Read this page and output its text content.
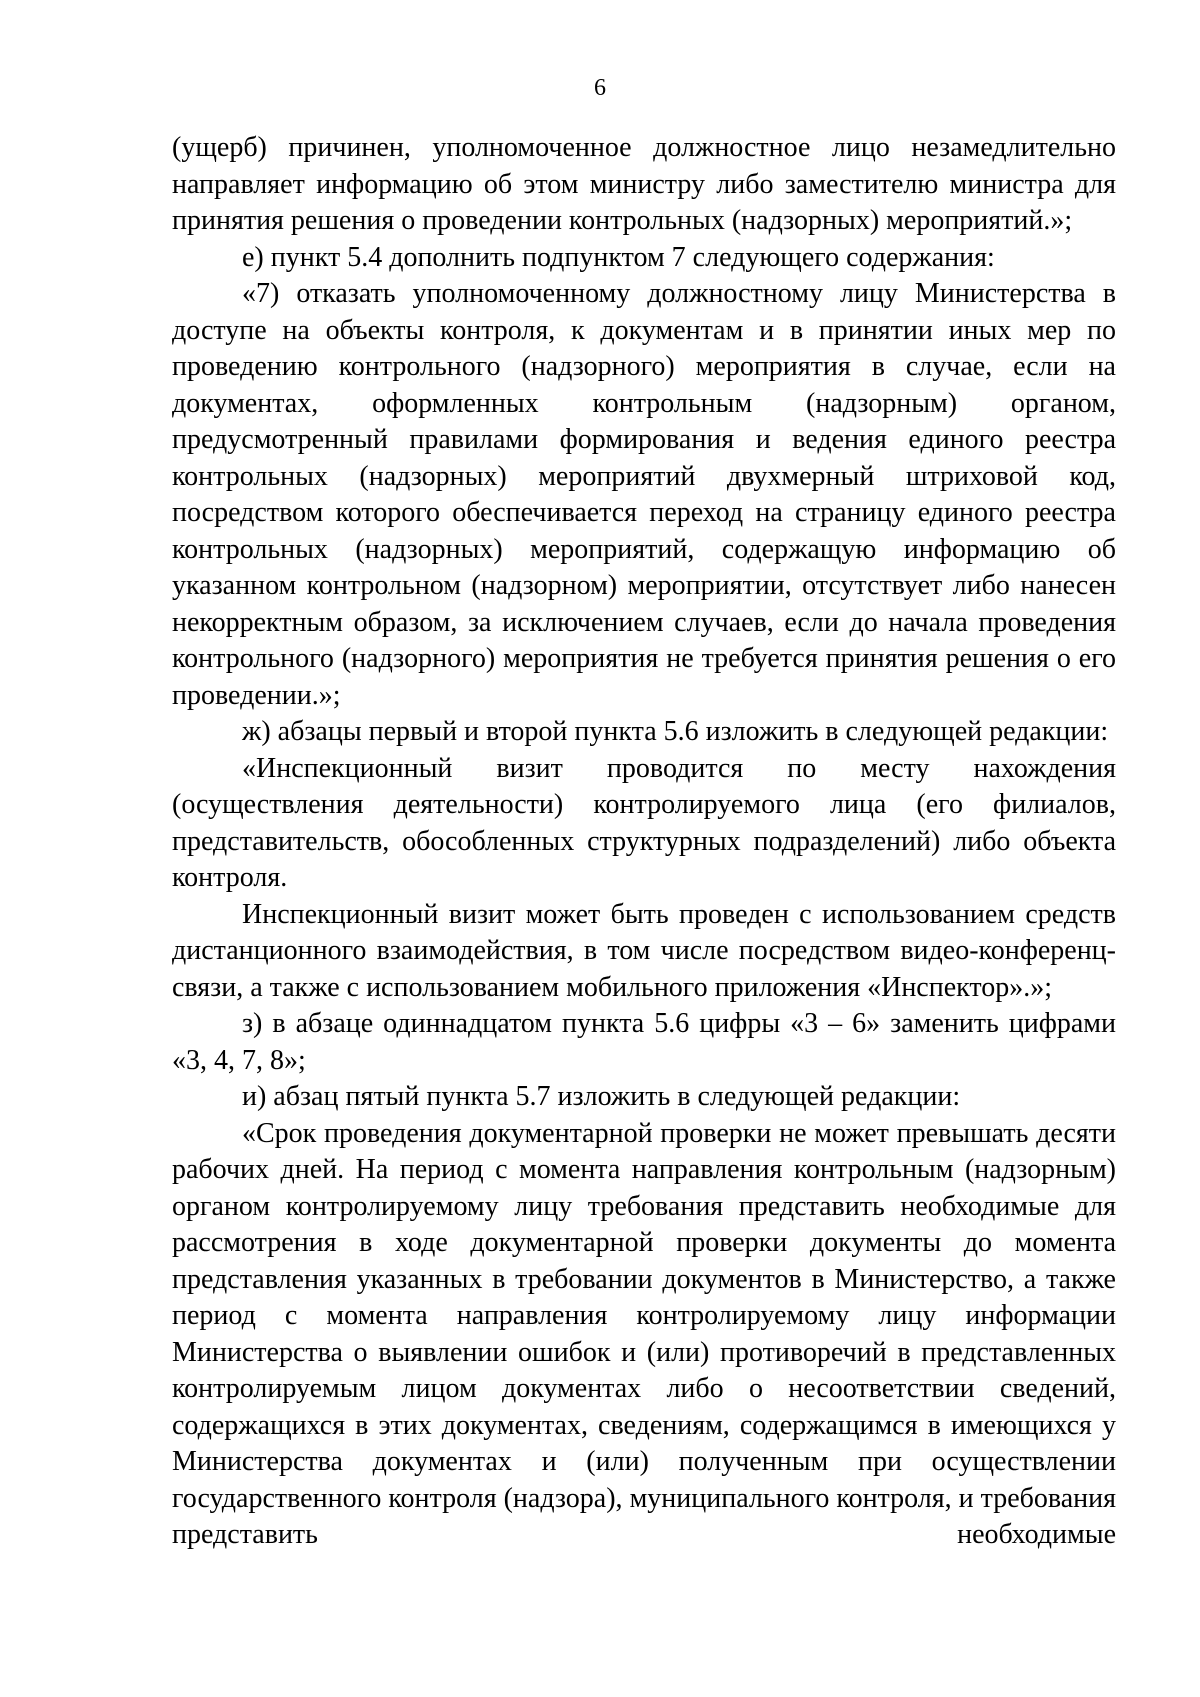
6

(ущерб) причинен, уполномоченное должностное лицо незамедлительно направляет информацию об этом министру либо заместителю министра для принятия решения о проведении контрольных (надзорных) мероприятий.»;

е) пункт 5.4 дополнить подпунктом 7 следующего содержания:

«7) отказать уполномоченному должностному лицу Министерства в доступе на объекты контроля, к документам и в принятии иных мер по проведению контрольного (надзорного) мероприятия в случае, если на документах, оформленных контрольным (надзорным) органом, предусмотренный правилами формирования и ведения единого реестра контрольных (надзорных) мероприятий двухмерный штриховой код, посредством которого обеспечивается переход на страницу единого реестра контрольных (надзорных) мероприятий, содержащую информацию об указанном контрольном (надзорном) мероприятии, отсутствует либо нанесен некорректным образом, за исключением случаев, если до начала проведения контрольного (надзорного) мероприятия не требуется принятия решения о его проведении.»;

ж) абзацы первый и второй пункта 5.6 изложить в следующей редакции:

«Инспекционный визит проводится по месту нахождения (осуществления деятельности) контролируемого лица (его филиалов, представительств, обособленных структурных подразделений) либо объекта контроля.

Инспекционный визит может быть проведен с использованием средств дистанционного взаимодействия, в том числе посредством видео-конференц-связи, а также с использованием мобильного приложения «Инспектор».»;

з) в абзаце одиннадцатом пункта 5.6 цифры «3 – 6» заменить цифрами «3, 4, 7, 8»;

и) абзац пятый пункта 5.7 изложить в следующей редакции:

«Срок проведения документарной проверки не может превышать десяти рабочих дней. На период с момента направления контрольным (надзорным) органом контролируемому лицу требования представить необходимые для рассмотрения в ходе документарной проверки документы до момента представления указанных в требовании документов в Министерство, а также период с момента направления контролируемому лицу информации Министерства о выявлении ошибок и (или) противоречий в представленных контролируемым лицом документах либо о несоответствии сведений, содержащихся в этих документах, сведениям, содержащимся в имеющихся у Министерства документах и (или) полученным при осуществлении государственного контроля (надзора), муниципального контроля, и требования представить необходимые
